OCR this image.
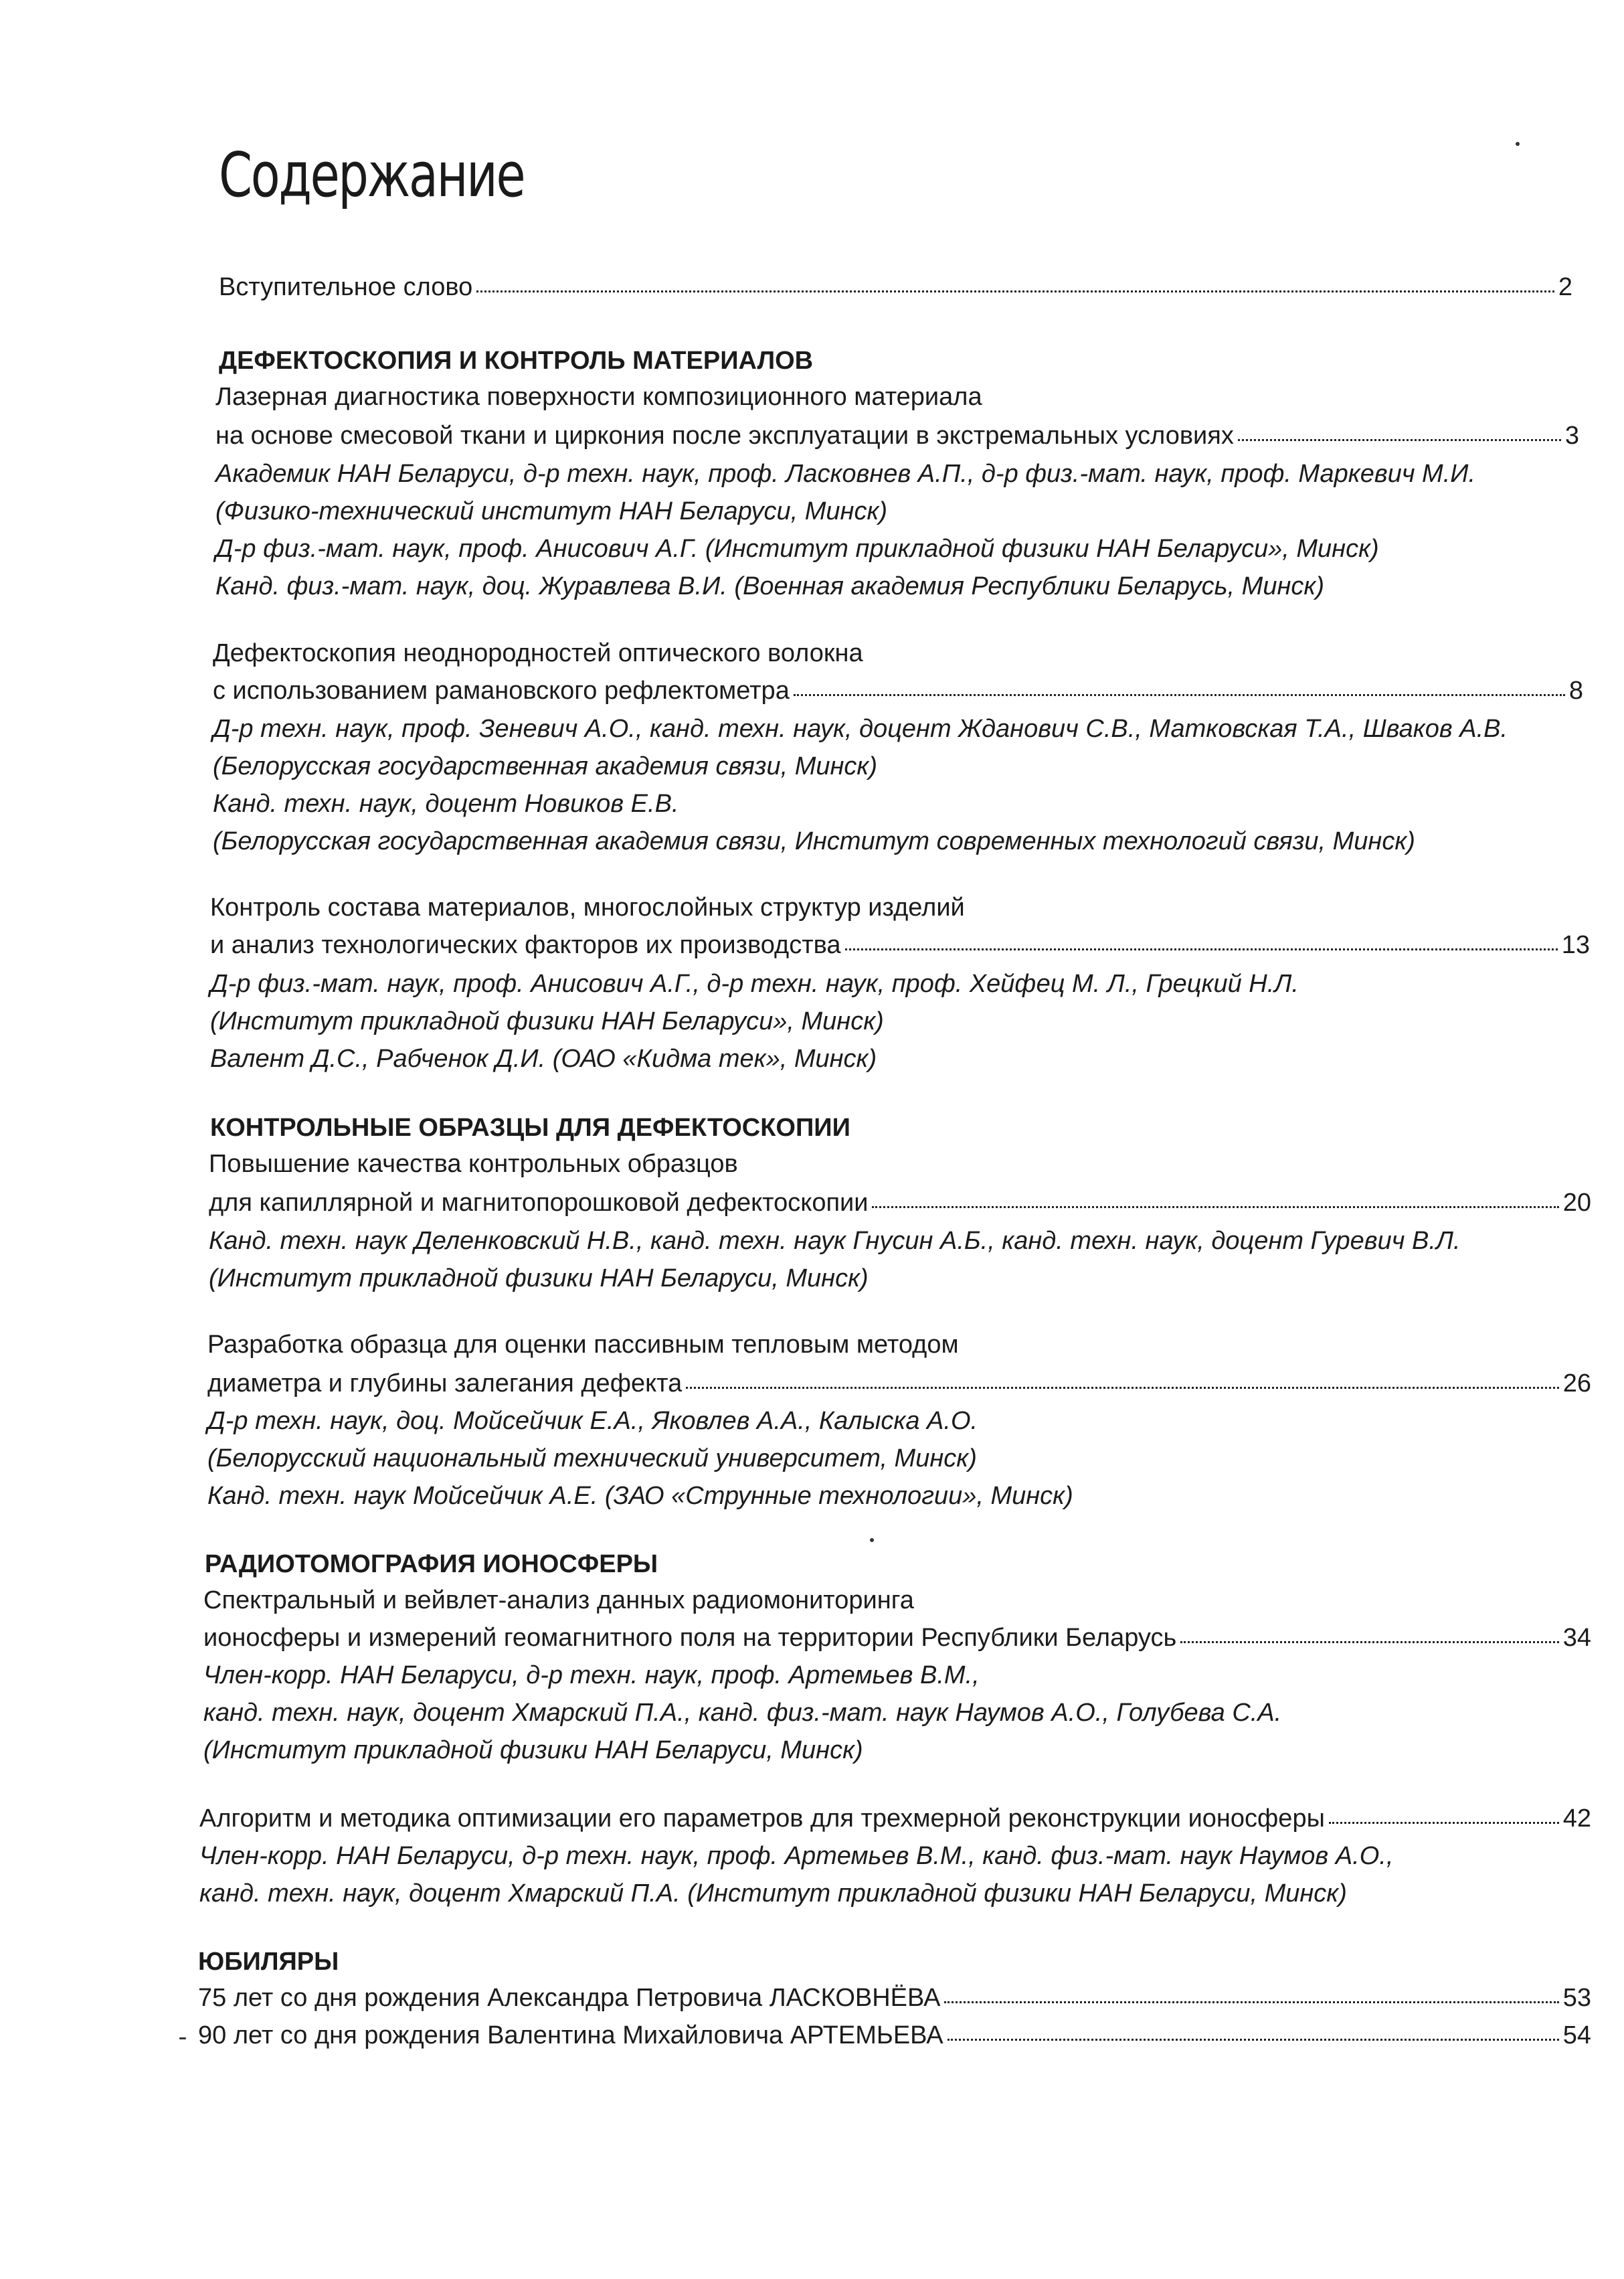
Содержание
Вступительное слово	2
ДЕФЕКТОСКОПИЯ И КОНТРОЛЬ МАТЕРИАЛОВ
Лазерная диагностика поверхности композиционного материала
на основе смесовой ткани и циркония после эксплуатации в экстремальных условиях	3
Академик НАН Беларуси, д-р техн. наук, проф. Ласковнев А.П., д-р физ.-мат. наук, проф. Маркевич М.И.
(Физико-технический институт НАН Беларуси, Минск)
Д-р физ.-мат. наук, проф. Анисович А.Г. (Институт прикладной физики НАН Беларуси», Минск)
Канд. физ.-мат. наук, доц. Журавлева В.И. (Военная академия Республики Беларусь, Минск)
Дефектоскопия неоднородностей оптического волокна
с использованием рамановского рефлектометра	8
Д-р техн. наук, проф. Зеневич А.О., канд. техн. наук, доцент Жданович С.В., Матковская Т.А., Шваков А.В.
(Белорусская государственная академия связи, Минск)
Канд. техн. наук, доцент Новиков Е.В.
(Белорусская государственная академия связи, Институт современных технологий связи, Минск)
Контроль состава материалов, многослойных структур изделий
и анализ технологических факторов их производства	13
Д-р физ.-мат. наук, проф. Анисович А.Г., д-р техн. наук, проф. Хейфец М. Л., Грецкий Н.Л.
(Институт прикладной физики НАН Беларуси», Минск)
Валент Д.С., Рабченок Д.И. (ОАО «Кидма тек», Минск)
КОНТРОЛЬНЫЕ ОБРАЗЦЫ ДЛЯ ДЕФЕКТОСКОПИИ
Повышение качества контрольных образцов
для капиллярной и магнитопорошковой дефектоскопии	20
Канд. техн. наук Деленковский Н.В., канд. техн. наук Гнусин А.Б., канд. техн. наук, доцент Гуревич В.Л.
(Институт прикладной физики НАН Беларуси, Минск)
Разработка образца для оценки пассивным тепловым методом
диаметра и глубины залегания дефекта	26
Д-р техн. наук, доц. Мойсейчик Е.А., Яковлев А.А., Калыска А.О.
(Белорусский национальный технический университет, Минск)
Канд. техн. наук Мойсейчик А.Е. (ЗАО «Струнные технологии», Минск)
РАДИОТОМОГРАФИЯ ИОНОСФЕРЫ
Спектральный и вейвлет-анализ данных радиомониторинга
ионосферы и измерений геомагнитного поля на территории Республики Беларусь	34
Член-корр. НАН Беларуси, д-р техн. наук, проф. Артемьев В.М.,
канд. техн. наук, доцент Хмарский П.А., канд. физ.-мат. наук Наумов А.О., Голубева С.А.
(Институт прикладной физики НАН Беларуси, Минск)
Алгоритм и методика оптимизации его параметров для трехмерной реконструкции ионосферы	42
Член-корр. НАН Беларуси, д-р техн. наук, проф. Артемьев В.М., канд. физ.-мат. наук Наумов А.О.,
канд. техн. наук, доцент Хмарский П.А. (Институт прикладной физики НАН Беларуси, Минск)
ЮБИЛЯРЫ
75 лет со дня рождения Александра Петровича ЛАСКОВНЁВА	53
90 лет со дня рождения Валентина Михайловича АРТЕМЬЕВА	54
